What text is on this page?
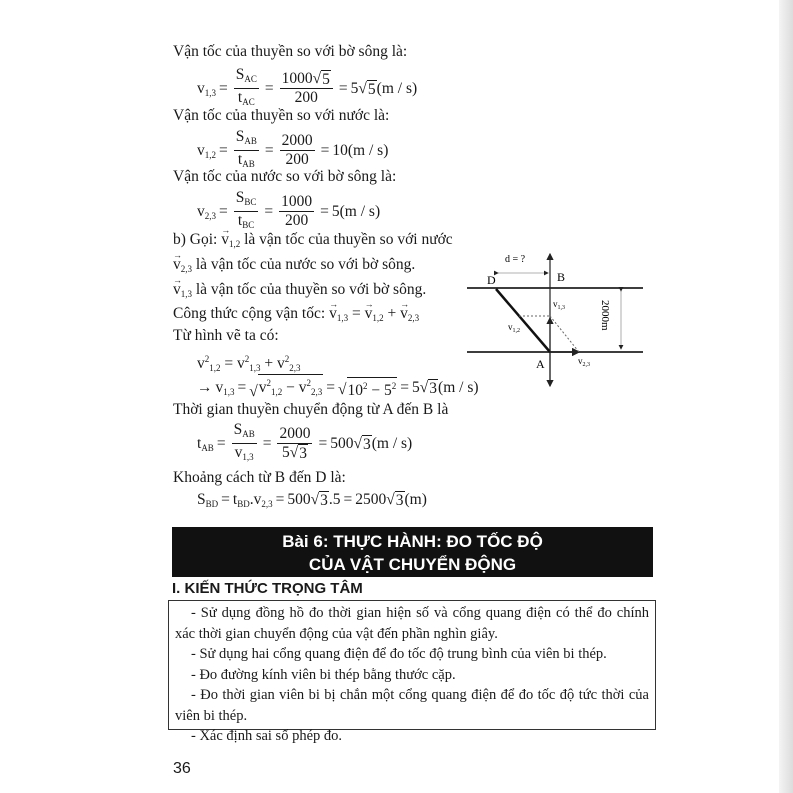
Vận tốc của thuyền so với bờ sông là:
$v_{1,3} = \frac{S_{AC}}{t_{AC}} = \frac{1000√ 5}{200} = 5√$ 5 (m / s)
Vận tốc của thuyền so với nước là:
$v_{1,2} = \frac{S_{AB}}{t_{AB}} = \frac{2000}{200} = 10(m / s)$
Vận tốc của nước so với bờ sông là:
$v_{2,3} = \frac{S_{BC}}{t_{BC}} = \frac{1000}{200} = 5(m / s)$
b) Gọi: → $v_{1,2}$ là vận tốc của thuyền so với nước
→ $v_{2,3}$ là vận tốc của nước so với bờ sông.
→ $v_{1,3}$ là vận tốc của thuyền so với bờ sông.
Công thức cộng vận tốc: → $v_{1,3}$ = → $v_{1,2}$ + → $v_{2,3}$
Từ hình vẽ ta có:
$v^2_{1,2} = v^2_{1,3} + v^2_{2,3}$
→ $v_{1,3}$ = √ $v^2_{1,2} - v^2_{2,3}$ = √ $10^2 - 5^2 = 5√$ 3 (m / s)
Thời gian thuyền chuyển động từ A đến B là
$t_{AB} = \frac{S_{AB}}{v_{1,3}} = \frac{2000}{5√ 3} = 500√$ 3 (m / s)
Khoảng cách từ B đến D là:
$S_{BD} = t_{BD}.v_{2,3} = 500√$ 3 .5 = 2500√ 3 (m)
d = ?
D	B
A
$v_{1,3}$
$v_{1,2}$
$v_{2,3}$
2000m
Bài 6: THỰC HÀNH: ĐO TỐC ĐỘ
CỦA VẬT CHUYỂN ĐỘNG
I. KIẾN THỨC TRỌNG TÂM

- Sử dụng đồng hồ đo thời gian hiện số và cổng quang điện có thể đo chính xác thời gian chuyển động của vật đến phần nghìn giây.

- Sử dụng hai cổng quang điện để đo tốc độ trung bình của viên bi thép.

- Đo đường kính viên bi thép bằng thước cặp.

- Đo thời gian viên bi bị chắn một cổng quang điện để đo tốc độ tức thời của viên bi thép.

- Xác định sai số phép đo.

36
